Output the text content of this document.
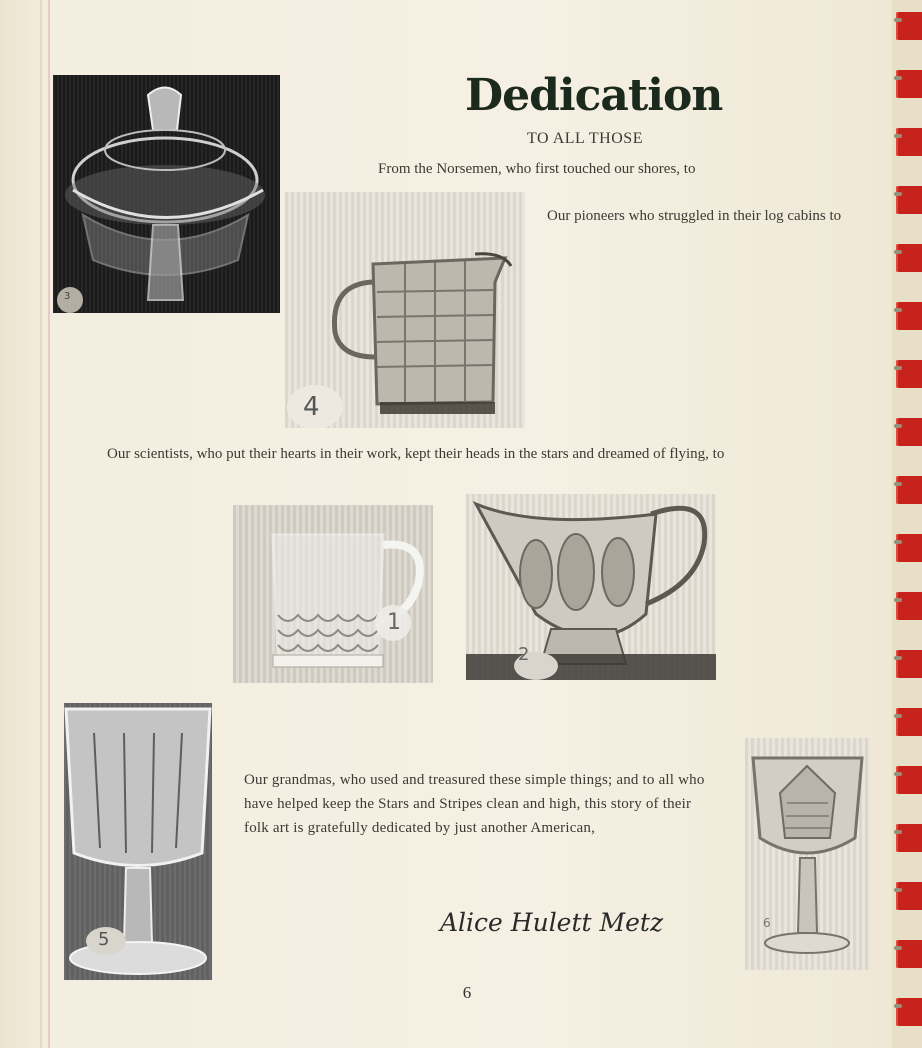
Dedication
TO ALL THOSE
From the Norsemen, who first touched our shores, to
Our pioneers who struggled in their log cabins to
Our scientists, who put their hearts in their work, kept their heads in the stars and dreamed of flying, to
Our grandmas, who used and treasured these simple things; and to all who have helped keep the Stars and Stripes clean and high, this story of their folk art is gratefully dedicated by just another American,
Alice Hulett Metz
6
3
4
1
2
5
6
